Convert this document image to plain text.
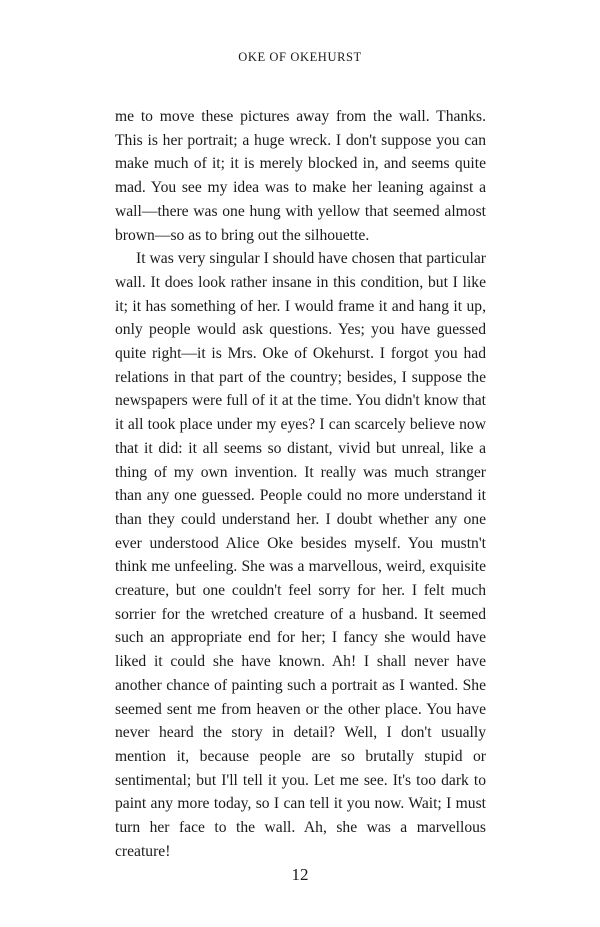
OKE OF OKEHURST

me to move these pictures away from the wall. Thanks. This is her portrait; a huge wreck. I don't suppose you can make much of it; it is merely blocked in, and seems quite mad. You see my idea was to make her leaning against a wall—there was one hung with yellow that seemed almost brown—so as to bring out the silhouette.

It was very singular I should have chosen that particular wall. It does look rather insane in this condition, but I like it; it has something of her. I would frame it and hang it up, only people would ask questions. Yes; you have guessed quite right—it is Mrs. Oke of Okehurst. I forgot you had relations in that part of the country; besides, I suppose the newspapers were full of it at the time. You didn't know that it all took place under my eyes? I can scarcely believe now that it did: it all seems so distant, vivid but unreal, like a thing of my own invention. It really was much stranger than any one guessed. People could no more understand it than they could understand her. I doubt whether any one ever understood Alice Oke besides myself. You mustn't think me unfeeling. She was a marvellous, weird, exquisite creature, but one couldn't feel sorry for her. I felt much sorrier for the wretched creature of a husband. It seemed such an appropriate end for her; I fancy she would have liked it could she have known. Ah! I shall never have another chance of painting such a portrait as I wanted. She seemed sent me from heaven or the other place. You have never heard the story in detail? Well, I don't usually mention it, because people are so brutally stupid or sentimental; but I'll tell it you. Let me see. It's too dark to paint any more today, so I can tell it you now. Wait; I must turn her face to the wall. Ah, she was a marvellous creature!

12
